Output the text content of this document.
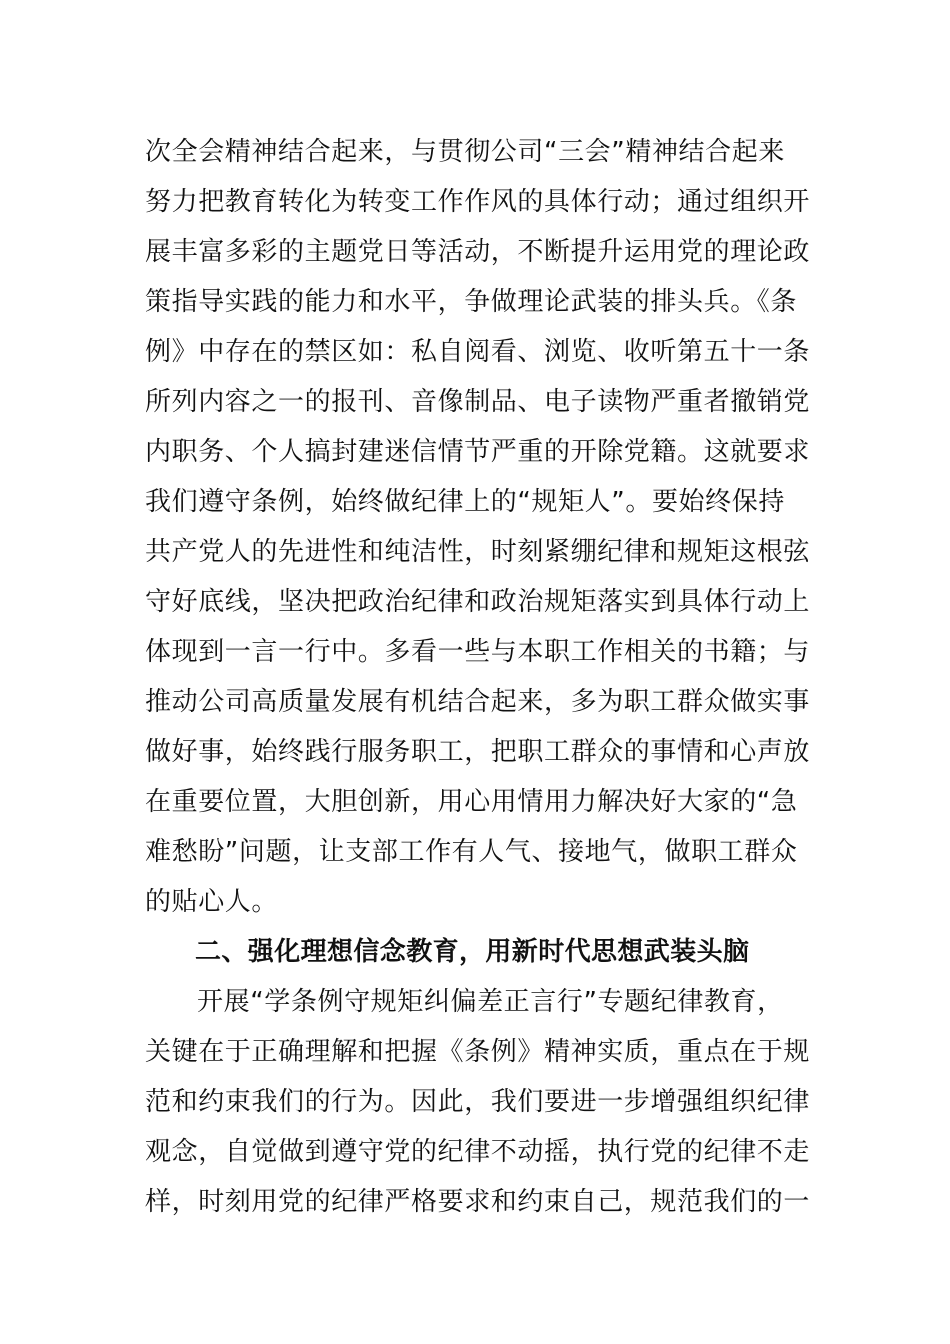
次全会精神结合起来，与贯彻公司“三会”精神结合起来
努力把教育转化为转变工作作风的具体行动；通过组织开
展丰富多彩的主题党日等活动，不断提升运用党的理论政
策指导实践的能力和水平，争做理论武装的排头兵。《条
例》中存在的禁区如：私自阅看、浏览、收听第五十一条
所列内容之一的报刊、音像制品、电子读物严重者撤销党
内职务、个人搞封建迷信情节严重的开除党籍。这就要求
我们遵守条例，始终做纪律上的“规矩人”。要始终保持
共产党人的先进性和纯洁性，时刻紧绷纪律和规矩这根弦
守好底线，坚决把政治纪律和政治规矩落实到具体行动上
体现到一言一行中。多看一些与本职工作相关的书籍；与
推动公司高质量发展有机结合起来，多为职工群众做实事
做好事，始终践行服务职工，把职工群众的事情和心声放
在重要位置，大胆创新，用心用情用力解决好大家的“急
难愁盼”问题，让支部工作有人气、接地气，做职工群众
的贴心人。
二、强化理想信念教育，用新时代思想武装头脑
开展“学条例守规矩纠偏差正言行”专题纪律教育，
关键在于正确理解和把握《条例》精神实质，重点在于规
范和约束我们的行为。因此，我们要进一步增强组织纪律
观念，自觉做到遵守党的纪律不动摇，执行党的纪律不走
样，时刻用党的纪律严格要求和约束自己，规范我们的一
